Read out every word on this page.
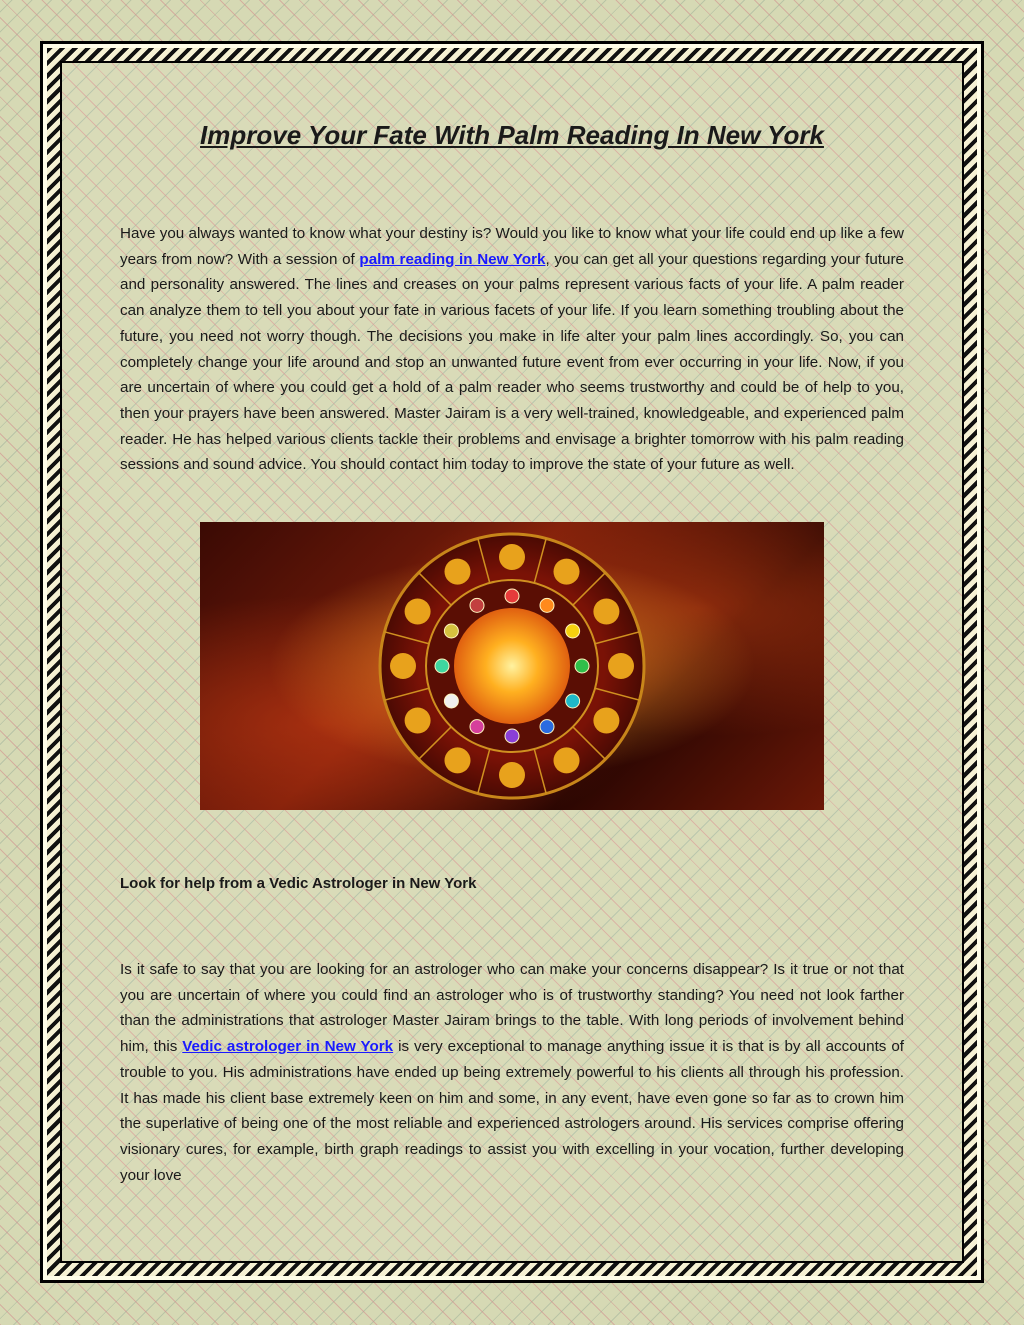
Improve Your Fate With Palm Reading In New York

Have you always wanted to know what your destiny is? Would you like to know what your life could end up like a few years from now? With a session of palm reading in New York, you can get all your questions regarding your future and personality answered. The lines and creases on your palms represent various facts of your life. A palm reader can analyze them to tell you about your fate in various facets of your life. If you learn something troubling about the future, you need not worry though. The decisions you make in life alter your palm lines accordingly. So, you can completely change your life around and stop an unwanted future event from ever occurring in your life. Now, if you are uncertain of where you could get a hold of a palm reader who seems trustworthy and could be of help to you, then your prayers have been answered. Master Jairam is a very well-trained, knowledgeable, and experienced palm reader. He has helped various clients tackle their problems and envisage a brighter tomorrow with his palm reading sessions and sound advice. You should contact him today to improve the state of your future as well.

Look for help from a Vedic Astrologer in New York

Is it safe to say that you are looking for an astrologer who can make your concerns disappear? Is it true or not that you are uncertain of where you could find an astrologer who is of trustworthy standing? You need not look farther than the administrations that astrologer Master Jairam brings to the table. With long periods of involvement behind him, this Vedic astrologer in New York is very exceptional to manage anything issue it is that is by all accounts of trouble to you. His administrations have ended up being extremely powerful to his clients all through his profession. It has made his client base extremely keen on him and some, in any event, have even gone so far as to crown him the superlative of being one of the most reliable and experienced astrologers around. His services comprise offering visionary cures, for example, birth graph readings to assist you with excelling in your vocation, further developing your love
